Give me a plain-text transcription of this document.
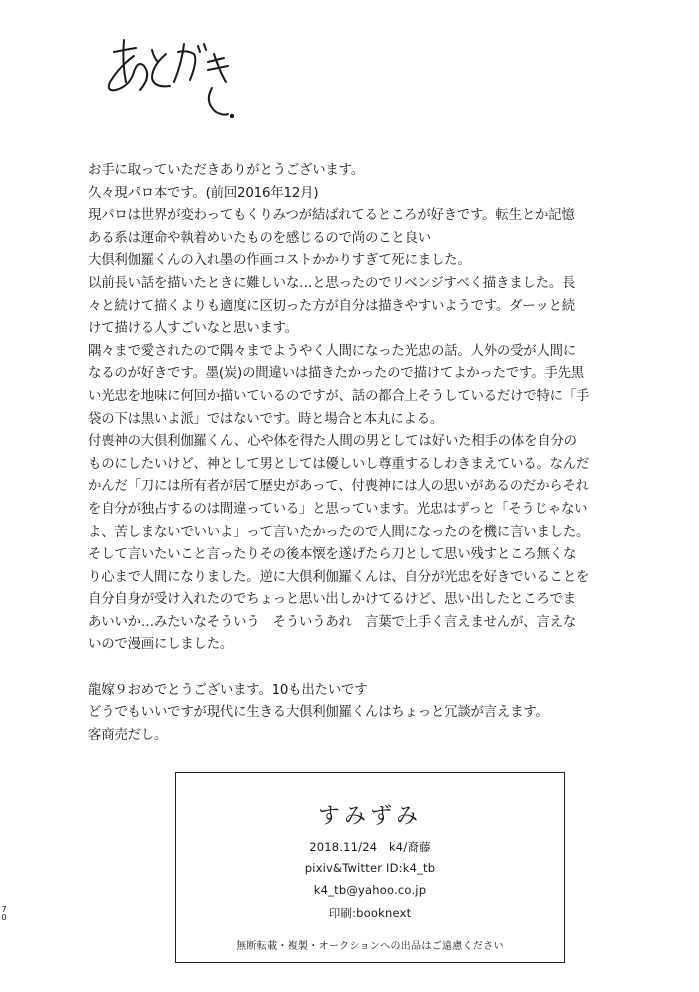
お手に取っていただきありがとうございます。
久々現パロ本です。(前回2016年12月)
現パロは世界が変わってもくりみつが結ばれてるところが好きです。転生とか記憶
ある系は運命や執着めいたものを感じるので尚のこと良い
大倶利伽羅くんの入れ墨の作画コストかかりすぎて死にました。
以前長い話を描いたときに難しいな…と思ったのでリベンジすべく描きました。長
々と続けて描くよりも適度に区切った方が自分は描きやすいようです。ダーッと続
けて描ける人すごいなと思います。
隅々まで愛されたので隅々までようやく人間になった光忠の話。人外の受が人間に
なるのが好きです。墨(炭)の間違いは描きたかったので描けてよかったです。手先黒
い光忠を地味に何回か描いているのですが、話の都合上そうしているだけで特に「手
袋の下は黒いよ派」ではないです。時と場合と本丸による。
付喪神の大倶利伽羅くん、心や体を得た人間の男としては好いた相手の体を自分の
ものにしたいけど、神として男としては優しいし尊重するしわきまえている。なんだ
かんだ「刀には所有者が居て歴史があって、付喪神には人の思いがあるのだからそれ
を自分が独占するのは間違っている」と思っています。光忠はずっと「そうじゃない
よ、苦しまないでいいよ」って言いたかったので人間になったのを機に言いました。
そして言いたいこと言ったりその後本懐を遂げたら刀として思い残すところ無くな
り心まで人間になりました。逆に大倶利伽羅くんは、自分が光忠を好きでいることを
自分自身が受け入れたのでちょっと思い出しかけてるけど、思い出したところでま
あいいか…みたいなそういう　そういうあれ　言葉で上手く言えませんが、言えな
いので漫画にしました。
龍嫁９おめでとうございます。10も出たいです
どうでもいいですが現代に生きる大倶利伽羅くんはちょっと冗談が言えます。
客商売だし。
すみずみ
2018.11/24　k4/裔藤
pixiv&Twitter ID:k4_tb
k4_tb@yahoo.co.jp
印刷:booknext
無断転載・複製・オークションへの出品はご遠慮ください
7
0
